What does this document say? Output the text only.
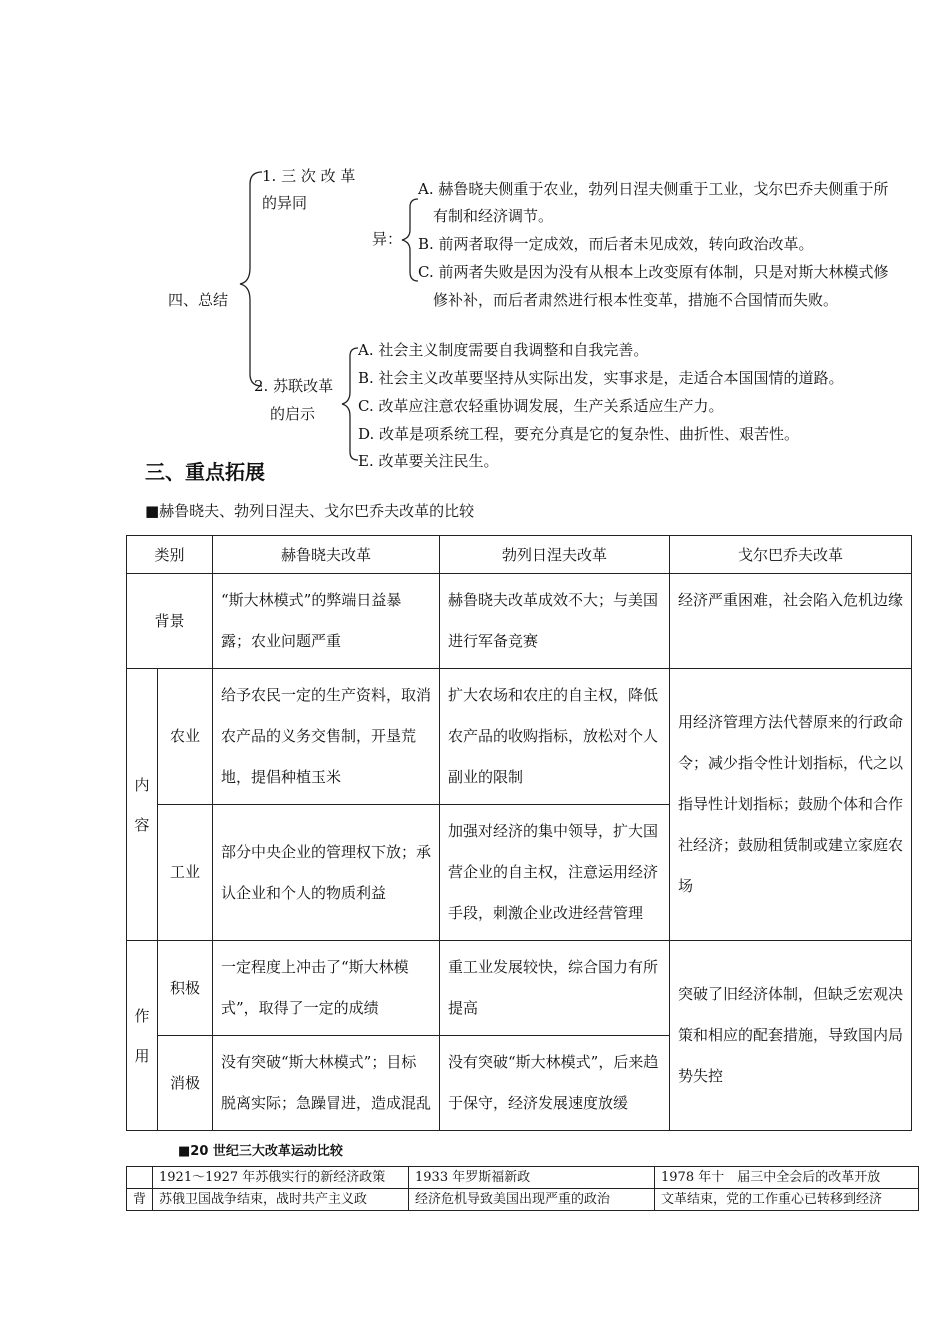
四、总结
1. 三 次 改 革
的异同
异：
A. 赫鲁晓夫侧重于农业，勃列日涅夫侧重于工业，戈尔巴乔夫侧重于所
有制和经济调节。
B. 前两者取得一定成效，而后者未见成效，转向政治改革。
C. 前两者失败是因为没有从根本上改变原有体制，只是对斯大林模式修
修补补，而后者肃然进行根本性变革，措施不合国情而失败。
2. 苏联改革
的启示
A. 社会主义制度需要自我调整和自我完善。
B. 社会主义改革要坚持从实际出发，实事求是，走适合本国国情的道路。
C. 改革应注意农轻重协调发展，生产关系适应生产力。
D. 改革是项系统工程，要充分真是它的复杂性、曲折性、艰苦性。
E. 改革要关注民生。
三、重点拓展
■赫鲁晓夫、勃列日涅夫、戈尔巴乔夫改革的比较
类别		赫鲁晓夫改革	勃列日涅夫改革	戈尔巴乔夫改革
背景		“斯大林模式”的弊端日益暴露；农业问题严重	赫鲁晓夫改革成效不大；与美国进行军备竞赛	经济严重困难，社会陷入危机边缘
内容	农业	给予农民一定的生产资料，取消农产品的义务交售制，开垦荒地，提倡种植玉米	扩大农场和农庄的自主权，降低农产品的收购指标，放松对个人副业的限制	用经济管理方法代替原来的行政命令；减少指令性计划指标，代之以指导性计划指标；鼓励个体和合作社经济；鼓励租赁制或建立家庭农场
	工业	部分中央企业的管理权下放；承认企业和个人的物质利益	加强对经济的集中领导，扩大国营企业的自主权，注意运用经济手段，刺激企业改进经营管理	
作用	积极	一定程度上冲击了“斯大林模式”，取得了一定的成绩	重工业发展较快，综合国力有所提高	突破了旧经济体制，但缺乏宏观决策和相应的配套措施，导致国内局势失控
	消极	没有突破“斯大林模式”；目标脱离实际；急躁冒进，造成混乱	没有突破“斯大林模式”，后来趋于保守，经济发展速度放缓	
■20 世纪三大改革运动比较
	1921～1927 年苏俄实行的新经济政策	1933 年罗斯福新政	1978 年十　届三中全会后的改革开放
背	苏俄卫国战争结束，战时共产主义政	经济危机导致美国出现严重的政治	文革结束，党的工作重心已转移到经济
